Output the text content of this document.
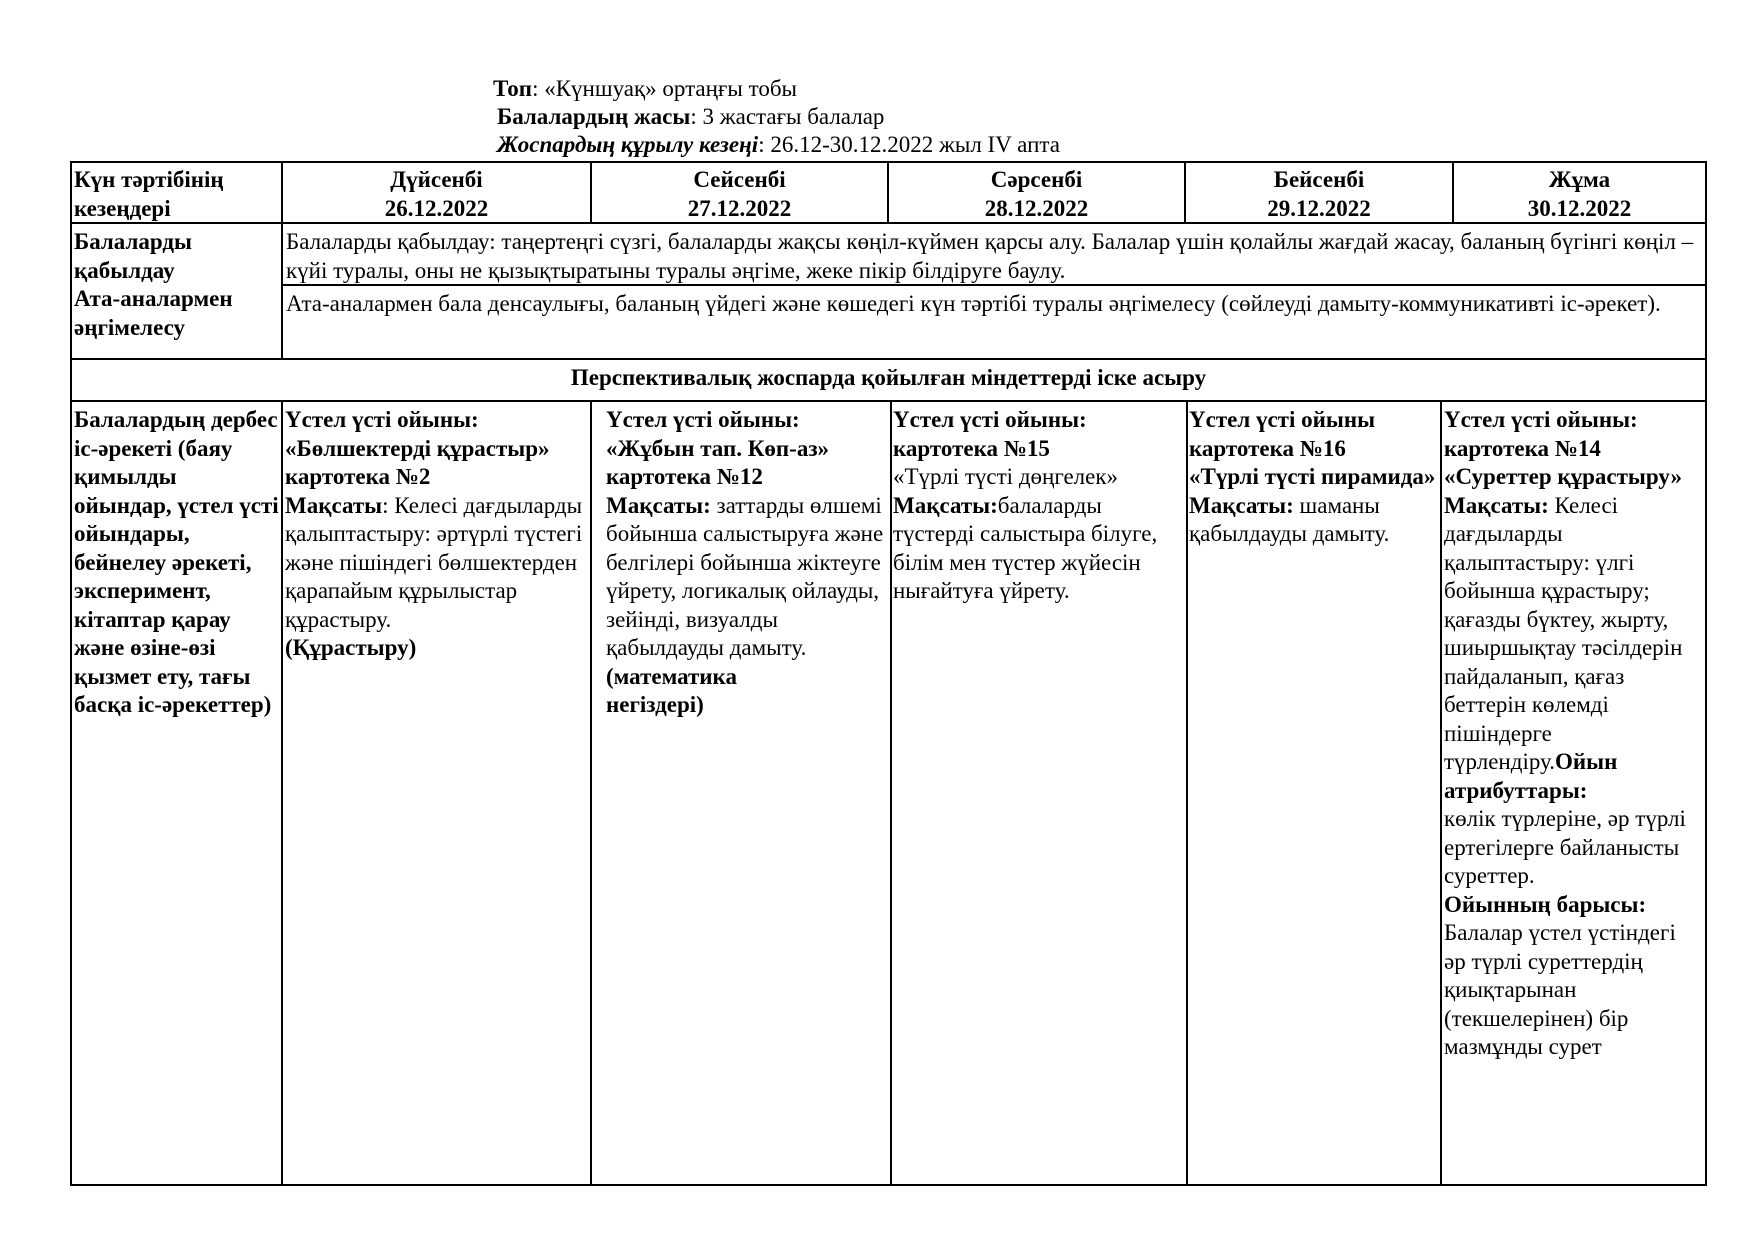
Топ: «Күншуақ» ортаңғы тобы
Балалардың жасы: 3 жастағы балалар
Жоспардың құрылу кезеңі: 26.12-30.12.2022 жыл IV апта
Күн тәртібінің
кезеңдері
Дүйсенбі
26.12.2022
Сейсенбі
27.12.2022
Сәрсенбі
28.12.2022
Бейсенбі
29.12.2022
Жұма
30.12.2022
Балаларды
қабылдау
Ата-аналармен
әңгімелесу
Балаларды қабылдау: таңертеңгі сүзгі, балаларды жақсы көңіл-күймен қарсы алу. Балалар үшін қолайлы жағдай жасау, баланың бүгінгі көңіл – күйі туралы, оны не қызықтыратыны туралы әңгіме, жеке пікір білдіруге баулу.
Ата-аналармен бала денсаулығы, баланың үйдегі және көшедегі күн тәртібі туралы әңгімелесу (сөйлеуді дамыту-коммуникативті іс-әрекет).
Перспективалық жоспарда қойылған міндеттерді іске асыру
Балалардың дербес іс-әрекеті (баяу қимылды ойындар, үстел үсті ойындары, бейнелеу әрекеті, эксперимент, кітаптар қарау және өзіне-өзі қызмет ету, тағы басқа іс-әрекеттер)
Үстел үсті ойыны: «Бөлшектерді құрастыр» картотека №2
Мақсаты: Келесі дағдыларды қалыптастыру: әртүрлі түстегі және пішіндегі бөлшектерден қарапайым құрылыстар құрастыру.
(Құрастыру)
Үстел үсті ойыны: «Жұбын тап. Көп-аз» картотека №12
Мақсаты: заттарды өлшемі бойынша салыстыруға және белгілері бойынша жіктеуге үйрету, логикалық ойлауды, зейінді, визуалды қабылдауды дамыту.
(математика
негіздері)
Үстел үсті ойыны: картотека №15
«Түрлі түсті дөңгелек»
Мақсаты:балаларды түстерді салыстыра білуге, білім мен түстер жүйесін нығайтуға үйрету.
Үстел үсті ойыны картотека №16
«Түрлі түсті пирамида»
Мақсаты: шаманы қабылдауды дамыту.
Үстел үсті ойыны: картотека №14 «Суреттер құрастыру»
Мақсаты: Келесі дағдыларды қалыптастыру: үлгі бойынша құрастыру; қағазды бүктеу, жырту, шиыршықтау тәсілдерін пайдаланып, қағаз беттерін көлемді пішіндерге түрлендіру.Ойын атрибуттары:
көлік түрлеріне, әр түрлі ертегілерге байланысты суреттер.
Ойынның барысы:
Балалар үстел үстіндегі әр түрлі суреттердің қиықтарынан (текшелерінен) бір мазмұнды сурет
